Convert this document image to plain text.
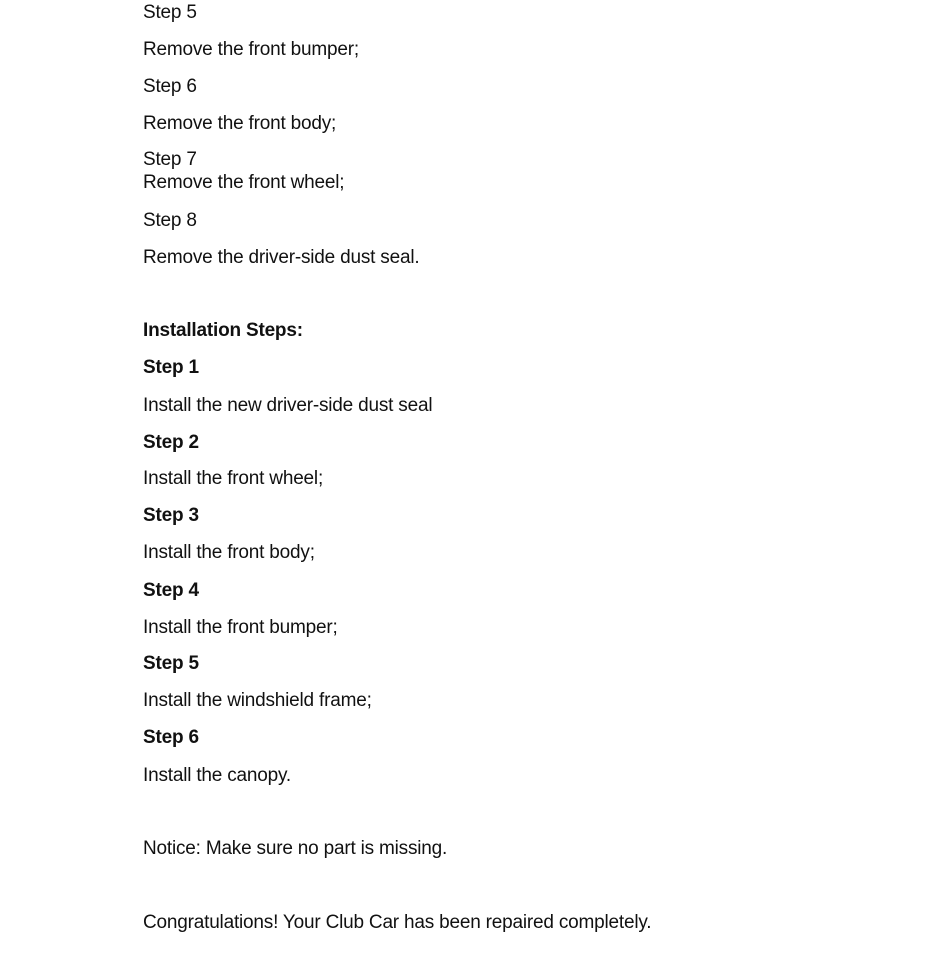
Step 5
Remove the front bumper;
Step 6
Remove the front body;
Step 7
Remove the front wheel;
Step 8
Remove the driver-side dust seal.
Installation Steps:
Step 1
Install the new driver-side dust seal
Step 2
Install the front wheel;
Step 3
Install the front body;
Step 4
Install the front bumper;
Step 5
Install the windshield frame;
Step 6
Install the canopy.
Notice: Make sure no part is missing.
Congratulations! Your Club Car has been repaired completely.
